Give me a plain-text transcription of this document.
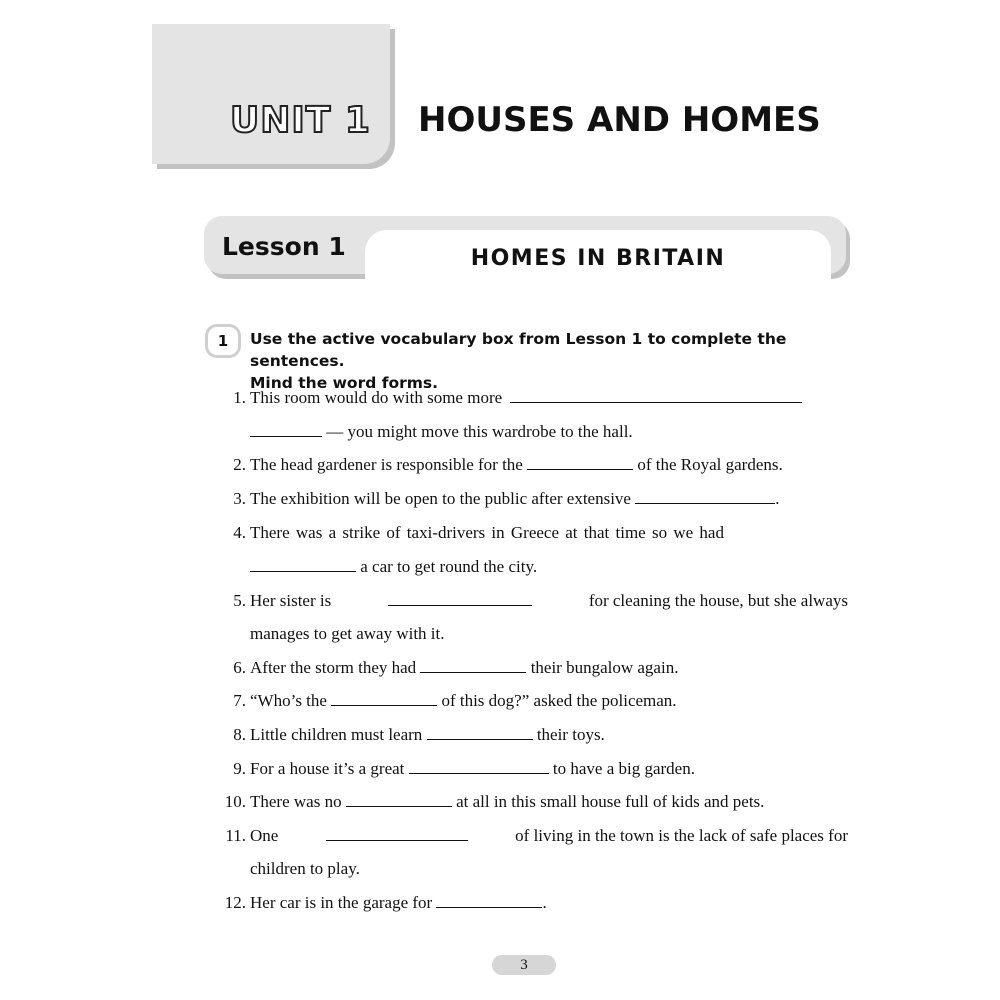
UNIT 1 HOUSES AND HOMES
Lesson 1	HOMES IN BRITAIN
1	Use the active vocabulary box from Lesson 1 to complete the sentences.
Mind the word forms.
1. This room would do with some more
— you might move this wardrobe to the hall.
2. The head gardener is responsible for the	of the Royal gardens.
3. The exhibition will be open to the public after extensive	.
4. There was a strike of taxi-drivers in Greece at that time so we had
a car to get round the city.
5. Her sister is	for cleaning the house, but she always
manages to get away with it.
6. After the storm they had	their bungalow again.
7. “Who’s the	of this dog?” asked the policeman.
8. Little children must learn	their toys.
9. For a house it’s a great	to have a big garden.
10. There was no	at all in this small house full of kids and pets.
11. One	of living in the town is the lack of safe places for
children to play.
12. Her car is in the garage for	.
3
